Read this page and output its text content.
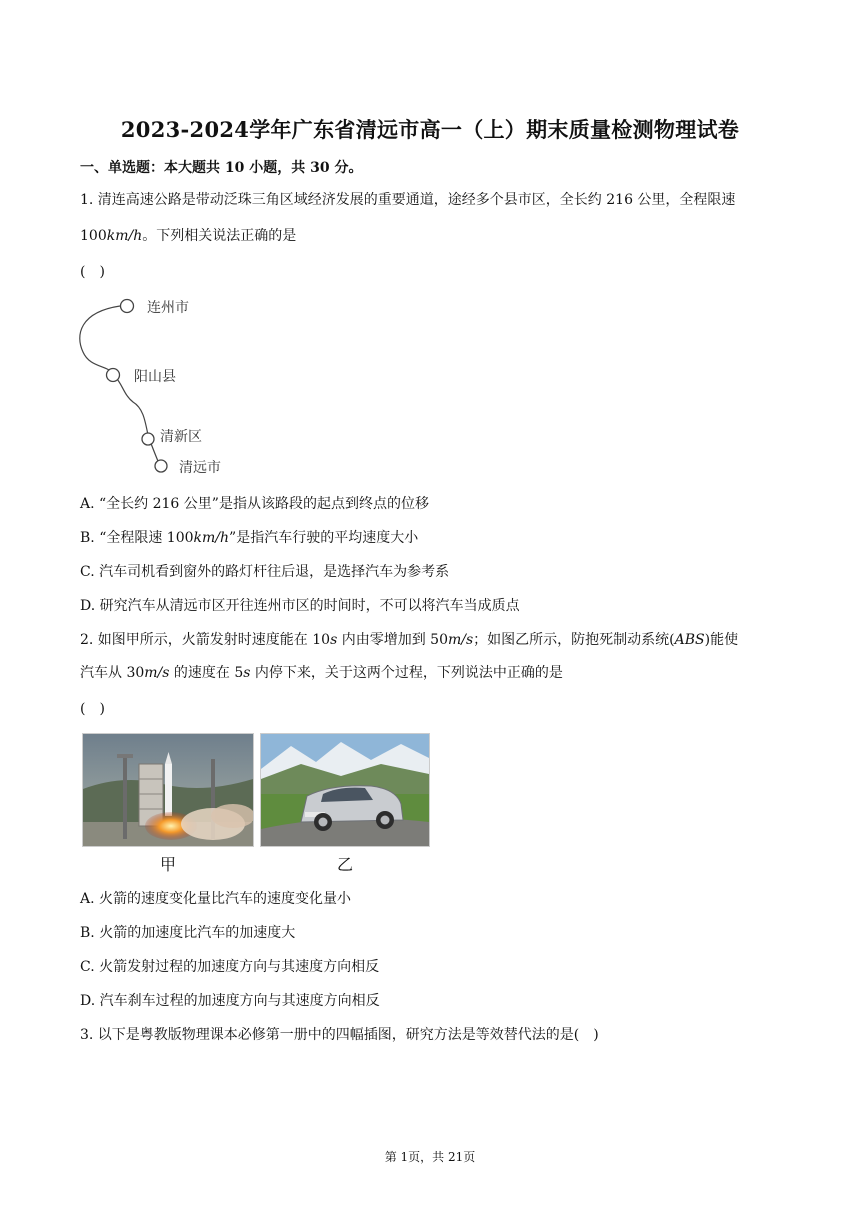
2023-2024学年广东省清远市高一（上）期末质量检测物理试卷
一、单选题：本大题共 10 小题，共 30 分。
1. 清连高速公路是带动泛珠三角区域经济发展的重要通道，途经多个县市区，全长约 216 公里，全程限速
100km/h。下列相关说法正确的是
(　)
连州市
阳山县
清新区
清远市
A. “全长约 216 公里”是指从该路段的起点到终点的位移
B. “全程限速 100km/h”是指汽车行驶的平均速度大小
C. 汽车司机看到窗外的路灯杆往后退，是选择汽车为参考系
D. 研究汽车从清远市区开往连州市区的时间时，不可以将汽车当成质点
2. 如图甲所示，火箭发射时速度能在 10s 内由零增加到 50m/s；如图乙所示，防抱死制动系统(ABS)能使
汽车从 30m/s 的速度在 5s 内停下来，关于这两个过程，下列说法中正确的是
(　)
甲	乙
A. 火箭的速度变化量比汽车的速度变化量小
B. 火箭的加速度比汽车的加速度大
C. 火箭发射过程的加速度方向与其速度方向相反
D. 汽车刹车过程的加速度方向与其速度方向相反
3. 以下是粤教版物理课本必修第一册中的四幅插图，研究方法是等效替代法的是(　)
第 1页，共 21页
